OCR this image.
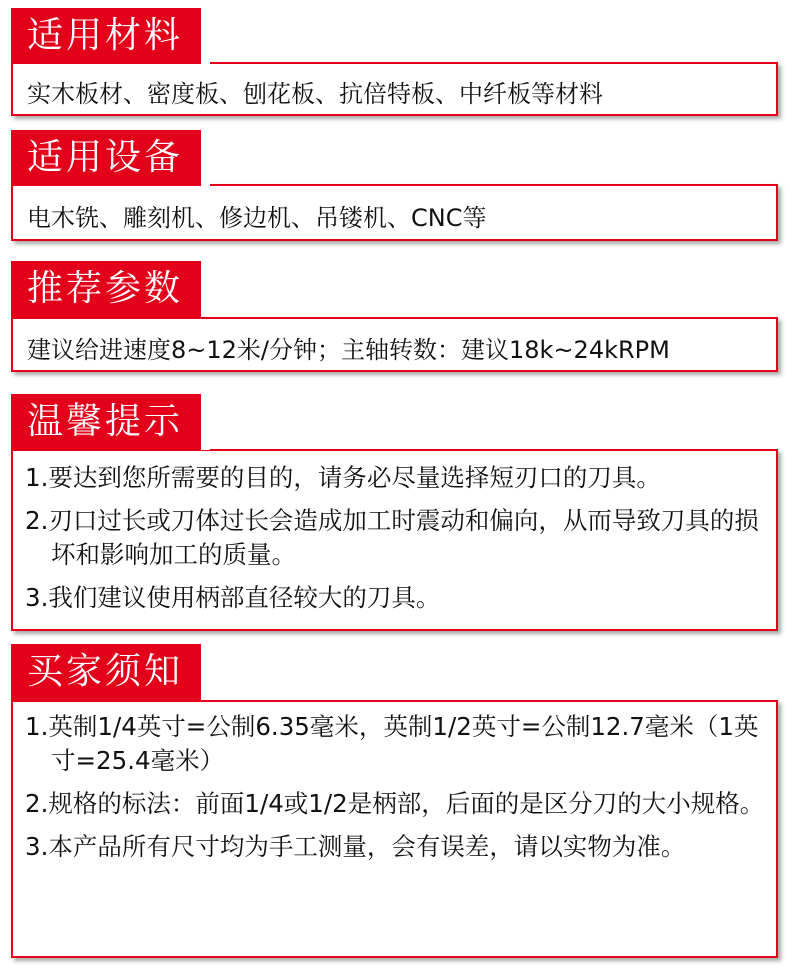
适用材料
实木板材、密度板、刨花板、抗倍特板、中纤板等材料
适用设备
电木铣、雕刻机、修边机、吊镂机、CNC等
推荐参数
建议给进速度8~12米/分钟；主轴转数：建议18k~24kRPM
温馨提示
1.要达到您所需要的目的，请务必尽量选择短刃口的刀具。
2.刃口过长或刀体过长会造成加工时震动和偏向，从而导致刀具的损坏和影响加工的质量。
3.我们建议使用柄部直径较大的刀具。
买家须知
1.英制1/4英寸=公制6.35毫米，英制1/2英寸=公制12.7毫米（1英寸=25.4毫米）
2.规格的标法：前面1/4或1/2是柄部，后面的是区分刀的大小规格。
3.本产品所有尺寸均为手工测量，会有误差，请以实物为准。
